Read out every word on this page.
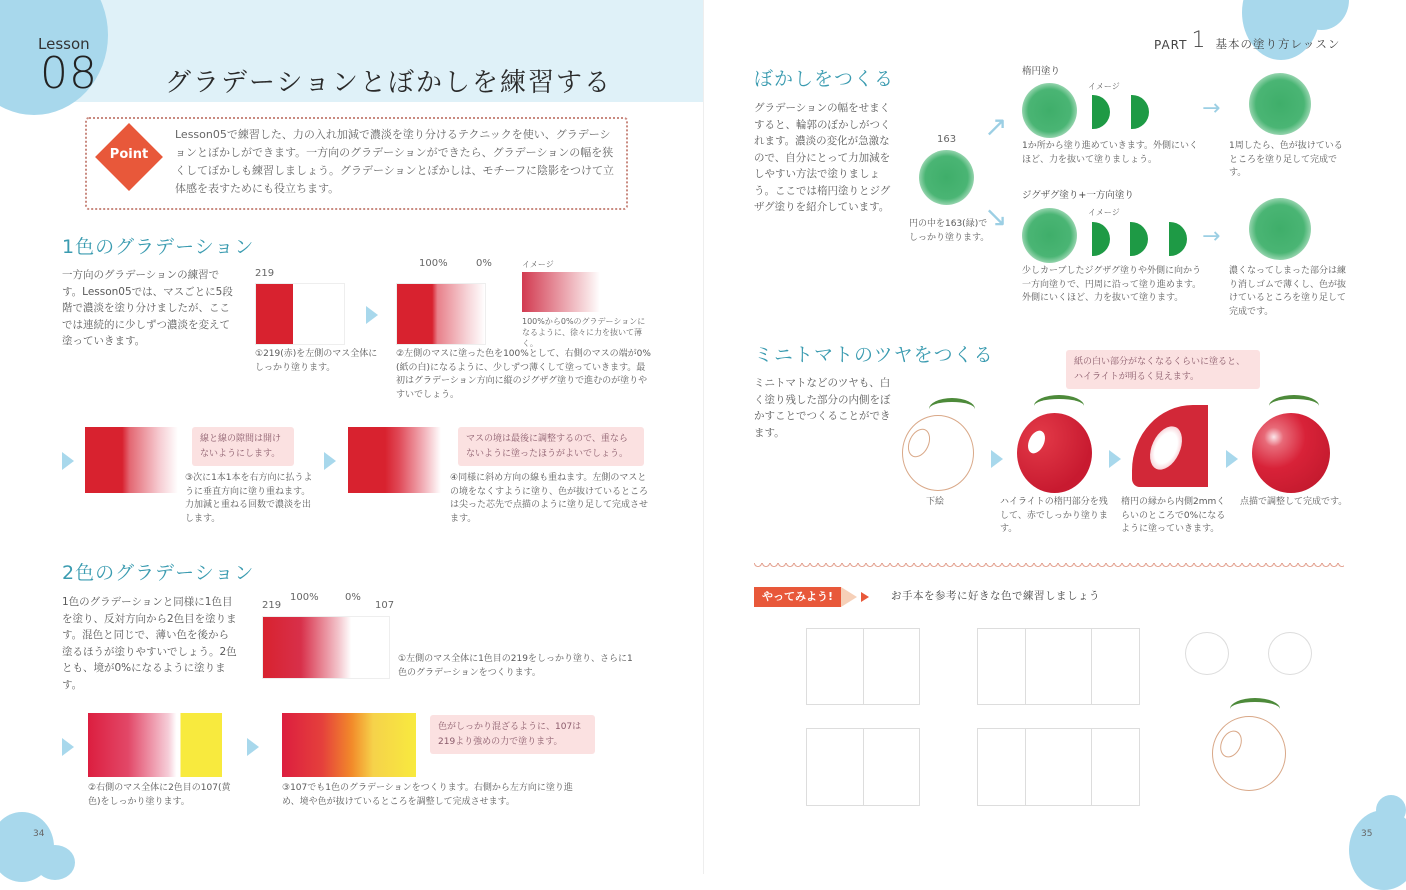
Lesson
08	グラデーションとぼかしを練習する
Point
Lesson05で練習した、力の入れ加減で濃淡を塗り分けるテクニックを使い、グラデーションとぼかしができます。一方向のグラデーションができたら、グラデーションの幅を狭くしてぼかしも練習しましょう。グラデーションとぼかしは、モチーフに陰影をつけて立体感を表すためにも役立ちます。
1色のグラデーション
一方向のグラデーションの練習です。Lesson05では、マスごとに5段階で濃淡を塗り分けましたが、ここでは連続的に少しずつ濃淡を変えて塗っていきます。
219
①219(赤)を左側のマス全体にしっかり塗ります。
100%	0%
②左側のマスに塗った色を100%として、右側のマスの端が0%(紙の白)になるように、少しずつ薄くして塗っていきます。最初はグラデーション方向に縦のジグザグ塗りで進むのが塗りやすいでしょう。
イメージ
100%から0%のグラデーションになるように、徐々に力を抜いて薄く。
線と線の隙間は開けないようにします。
③次に1本1本を右方向に払うように垂直方向に塗り重ねます。力加減と重ねる回数で濃淡を出します。
マスの境は最後に調整するので、重ならないように塗ったほうがよいでしょう。
④同様に斜め方向の線も重ねます。左側のマスとの境をなくすように塗り、色が抜けているところは尖った芯先で点描のように塗り足して完成させます。
2色のグラデーション
1色のグラデーションと同様に1色目を塗り、反対方向から2色目を塗ります。混色と同じで、薄い色を後から塗るほうが塗りやすいでしょう。2色とも、境が0%になるように塗ります。
219
100%	0%
107
①左側のマス全体に1色目の219をしっかり塗り、さらに1色のグラデーションをつくります。
②右側のマス全体に2色目の107(黄色)をしっかり塗ります。
色がしっかり混ざるように、107は219より強めの力で塗ります。
③107でも1色のグラデーションをつくります。右側から左方向に塗り進め、境や色が抜けているところを調整して完成させます。
34
PART 1 基本の塗り方レッスン
ぼかしをつくる
グラデーションの幅をせまくすると、輪郭のぼかしがつくれます。濃淡の変化が急激なので、自分にとって力加減をしやすい方法で塗りましょう。ここでは楕円塗りとジグザグ塗りを紹介しています。
163
円の中を163(緑)でしっかり塗ります。
↗
↘
楕円塗り
イメージ
1か所から塗り進めていきます。外側にいくほど、力を抜いて塗りましょう。
→
1周したら、色が抜けているところを塗り足して完成です。
ジグザグ塗り+一方向塗り
イメージ
少しカーブしたジグザグ塗りや外側に向かう一方向塗りで、円周に沿って塗り進めます。外側にいくほど、力を抜いて塗ります。
→
濃くなってしまった部分は練り消しゴムで薄くし、色が抜けているところを塗り足して完成です。
ミニトマトのツヤをつくる
ミニトマトなどのツヤも、白く塗り残した部分の内側をぼかすことでつくることができます。
紙の白い部分がなくなるくらいに塗ると、ハイライトが明るく見えます。
下絵	ハイライトの楕円部分を残して、赤でしっかり塗ります。
楕円の縁から内側2mmくらいのところで0%になるように塗っていきます。
点描で調整して完成です。
やってみよう!	お手本を参考に好きな色で練習しましょう
35
